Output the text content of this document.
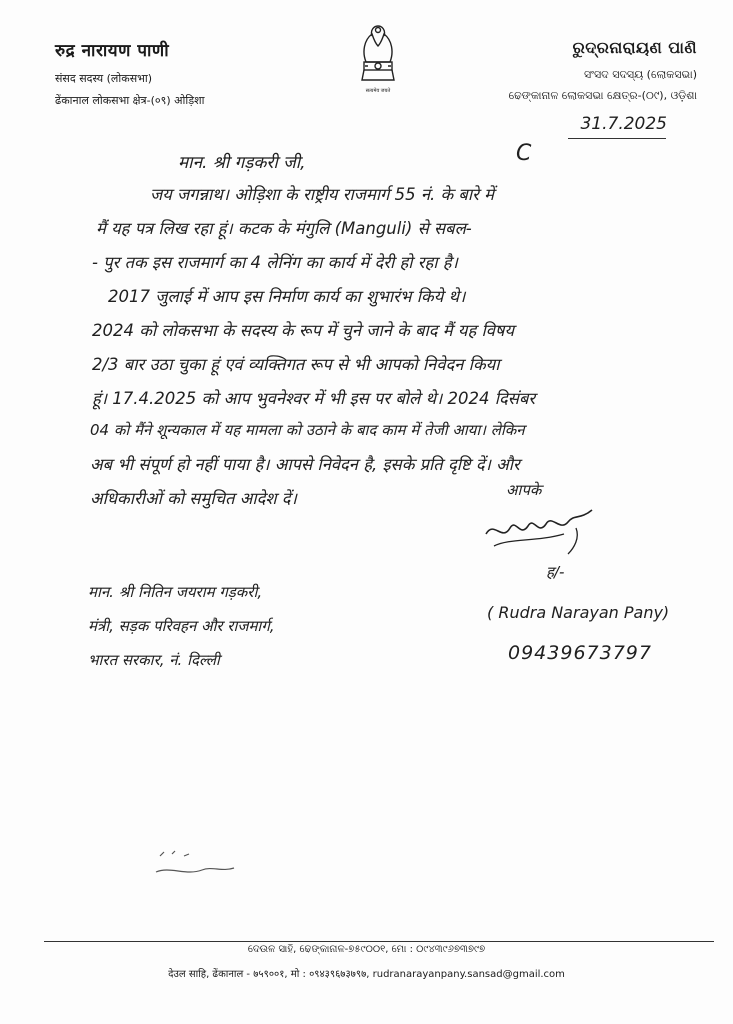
रुद्र नारायण पाणी
संसद सदस्य (लोकसभा)
ढेंकानाल लोकसभा क्षेत्र-(०९) ओड़िशा
सत्यमेव जयते
ରୁଦ୍ରନାରାୟଣ ପାଣି
ସଂସଦ ସଦସ୍ୟ (ଲୋକସଭା)
ଢେଙ୍କାନାଳ ଲୋକସଭା କ୍ଷେତ୍ର-(୦୯), ଓଡ଼ିଶା
31.7.2025
मान. श्री गड़करी जी,	C
जय जगन्नाथ। ओड़िशा के राष्ट्रीय राजमार्ग 55 नं. के बारे में
मैं यह पत्र लिख रहा हूं। कटक के मंगुलि (Manguli) से सबल-
- पुर तक इस राजमार्ग का 4 लेनिंग का कार्य में देरी हो रहा है।
2017 जुलाई में आप इस निर्माण कार्य का शुभारंभ किये थे।
2024 को लोकसभा के सदस्य के रूप में चुने जाने के बाद मैं यह विषय
2/3 बार उठा चुका हूं एवं व्यक्तिगत रूप से भी आपको निवेदन किया
हूं। 17.4.2025 को आप भुवनेश्वर में भी इस पर बोले थे। 2024 दिसंबर
04 को मैंने शून्यकाल में यह मामला को उठाने के बाद काम में तेजी आया। लेकिन
अब भी संपूर्ण हो नहीं पाया है। आपसे निवेदन है, इसके प्रति दृष्टि दें। और
अधिकारीओं को समुचित आदेश दें।	आपके
ह/-
( Rudra Narayan Pany)
09439673797
मान. श्री नितिन जयराम गड़करी,
मंत्री, सड़क परिवहन और राजमार्ग,
भारत सरकार, नं. दिल्ली
ଦେଉଳ ସାହି, ଢେଙ୍କାନାଳ-୭୫୯୦୦୧, ମୋ : ୦୯୪୩୯୬୭୩୭୯୭
देउल साहि, ढेंकानाल - ७५९००१, मो : ०९४३९६७३७९७, rudranarayanpany.sansad@gmail.com
